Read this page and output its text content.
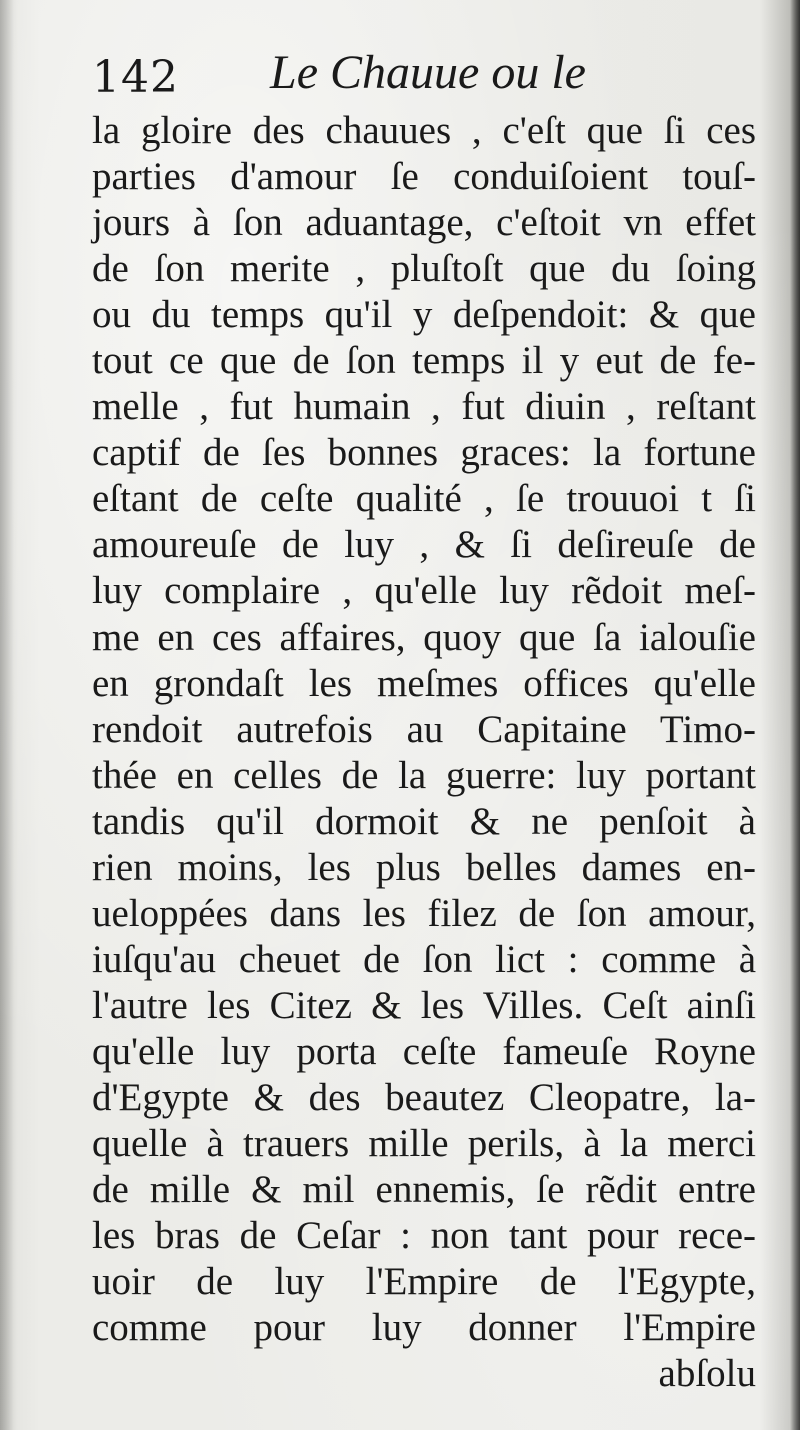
142 Le Chauue ou le
la gloire des chauues , c'eſt que ſi ces
parties d'amour ſe conduiſoient touſ-
jours à ſon aduantage, c'eſtoit vn effet
de ſon merite , pluſtoſt que du ſoing
ou du temps qu'il y deſpendoit: & que
tout ce que de ſon temps il y eut de fe-
melle , fut humain , fut diuin , reſtant
captif de ſes bonnes graces: la fortune
eſtant de ceſte qualité , ſe trouuoi t ſi
amoureuſe de luy , & ſi deſireuſe de
luy complaire , qu'elle luy rẽdoit meſ-
me en ces affaires, quoy que ſa ialouſie
en grondaſt les meſmes offices qu'elle
rendoit autrefois au Capitaine Timo-
thée en celles de la guerre: luy portant
tandis qu'il dormoit & ne penſoit à
rien moins, les plus belles dames en-
ueloppées dans les filez de ſon amour,
iuſqu'au cheuet de ſon lict : comme à
l'autre les Citez & les Villes. Ceſt ainſi
qu'elle luy porta ceſte fameuſe Royne
d'Egypte & des beautez Cleopatre, la-
quelle à trauers mille perils, à la merci
de mille & mil ennemis, ſe rẽdit entre
les bras de Ceſar : non tant pour rece-
uoir de luy l'Empire de l'Egypte,
comme pour luy donner l'Empire
abſolu
